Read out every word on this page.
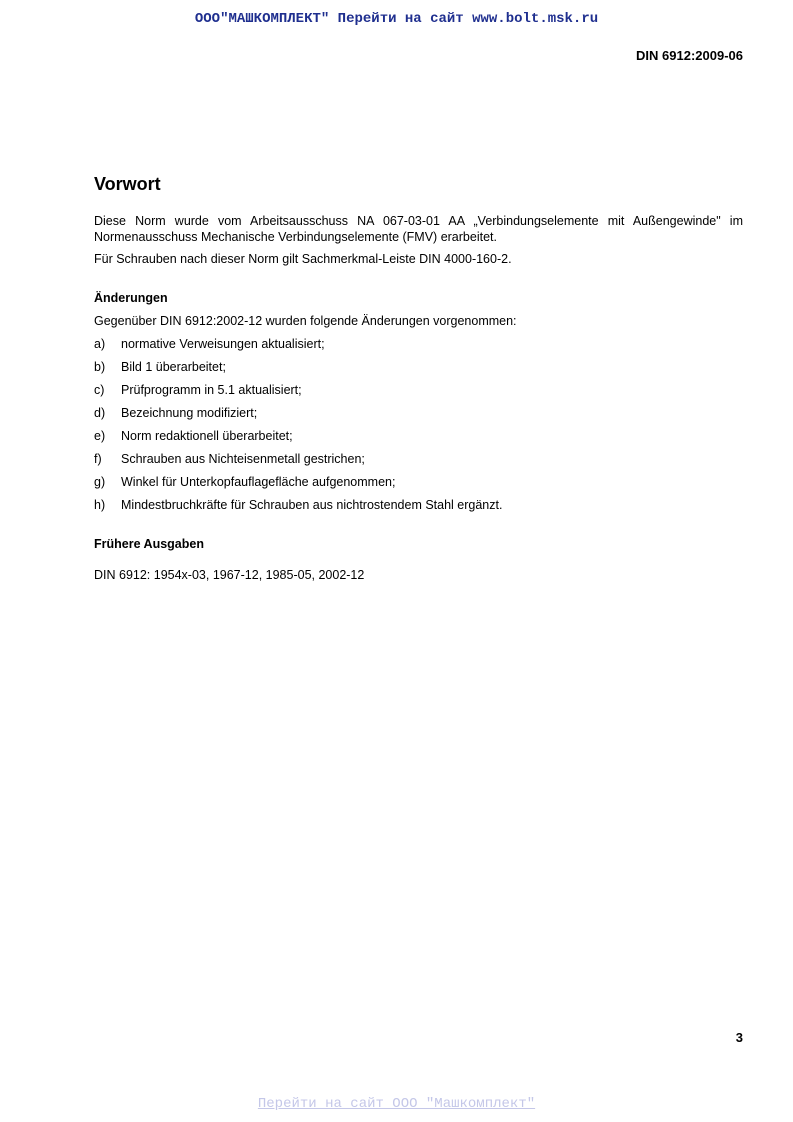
ООО"МАШКОМПЛЕКТ" Перейти на сайт www.bolt.msk.ru
DIN 6912:2009-06
Vorwort

Diese Norm wurde vom Arbeitsausschuss NA 067-03-01 AA „Verbindungselemente mit Außengewinde" im Normenausschuss Mechanische Verbindungselemente (FMV) erarbeitet.

Für Schrauben nach dieser Norm gilt Sachmerkmal-Leiste DIN 4000-160-2.

Änderungen

Gegenüber DIN 6912:2002-12 wurden folgende Änderungen vorgenommen:

a)	normative Verweisungen aktualisiert;
b)	Bild 1 überarbeitet;
c)	Prüfprogramm in 5.1 aktualisiert;
d)	Bezeichnung modifiziert;
e)	Norm redaktionell überarbeitet;
f)	Schrauben aus Nichteisenmetall gestrichen;
g)	Winkel für Unterkopfauflagefläche aufgenommen;
h)	Mindestbruchkräfte für Schrauben aus nichtrostendem Stahl ergänzt.
Frühere Ausgaben

DIN 6912: 1954x-03, 1967-12, 1985-05, 2002-12

3
Перейти на сайт ООО "Машкомплект"
